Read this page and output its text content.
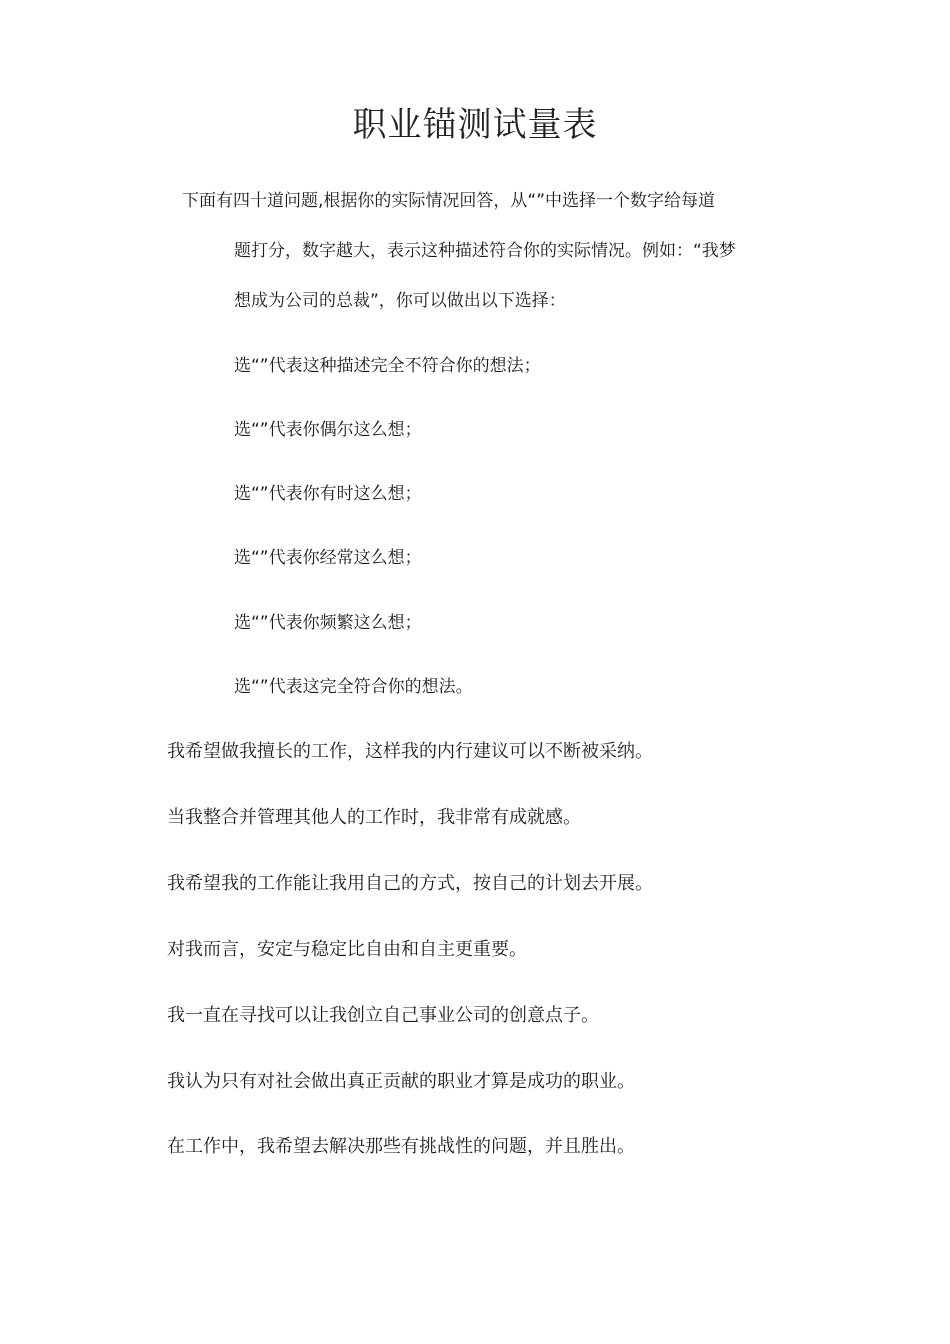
职业锚测试量表
下面有四十道问题,根据你的实际情况回答，从“”中选择一个数字给每道
题打分，数字越大，表示这种描述符合你的实际情况。例如：“我梦
想成为公司的总裁”，你可以做出以下选择：
选“”代表这种描述完全不符合你的想法；
选“”代表你偶尔这么想；
选“”代表你有时这么想；
选“”代表你经常这么想；
选“”代表你频繁这么想；
选“”代表这完全符合你的想法。
我希望做我擅长的工作，这样我的内行建议可以不断被采纳。
当我整合并管理其他人的工作时，我非常有成就感。
我希望我的工作能让我用自己的方式，按自己的计划去开展。
对我而言，安定与稳定比自由和自主更重要。
我一直在寻找可以让我创立自己事业公司的创意点子。
我认为只有对社会做出真正贡献的职业才算是成功的职业。
在工作中，我希望去解决那些有挑战性的问题，并且胜出。
